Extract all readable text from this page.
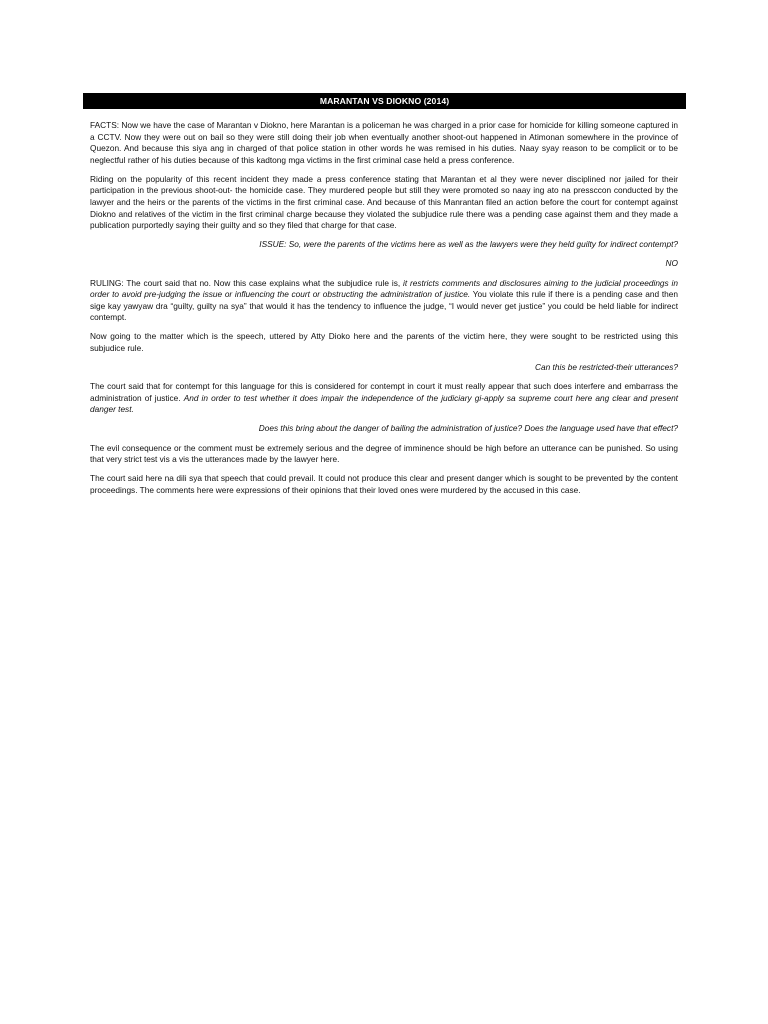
MARANTAN VS DIOKNO (2014)

FACTS: Now we have the case of Marantan v Diokno, here Marantan is a policeman he was charged in a prior case for homicide for killing someone captured in a CCTV. Now they were out on bail so they were still doing their job when eventually another shoot-out happened in Atimonan somewhere in the province of Quezon. And because this siya ang in charged of that police station in other words he was remised in his duties. Naay syay reason to be complicit or to be neglectful rather of his duties because of this kadtong mga victims in the first criminal case held a press conference.

Riding on the popularity of this recent incident they made a press conference stating that Marantan et al they were never disciplined nor jailed for their participation in the previous shoot-out- the homicide case. They murdered people but still they were promoted so naay ing ato na pressccon conducted by the lawyer and the heirs or the parents of the victims in the first criminal case. And because of this Manrantan filed an action before the court for contempt against Diokno and relatives of the victim in the first criminal charge because they violated the subjudice rule there was a pending case against them and they made a publication purportedly saying their guilty and so they filed that charge for that case.

ISSUE: So, were the parents of the victims here as well as the lawyers were they held guilty for indirect contempt?

NO

RULING: The court said that no. Now this case explains what the subjudice rule is, it restricts comments and disclosures aiming to the judicial proceedings in order to avoid pre-judging the issue or influencing the court or obstructing the administration of justice. You violate this rule if there is a pending case and then sige kay yawyaw dra “guilty, guilty na sya” that would it has the tendency to influence the judge, “I would never get justice” you could be held liable for indirect contempt.

Now going to the matter which is the speech, uttered by Atty Dioko here and the parents of the victim here, they were sought to be restricted using this subjudice rule.

Can this be restricted-their utterances?

The court said that for contempt for this language for this is considered for contempt in court it must really appear that such does interfere and embarrass the administration of justice. And in order to test whether it does impair the independence of the judiciary gi-apply sa supreme court here ang clear and present danger test.

Does this bring about the danger of bailing the administration of justice? Does the language used have that effect?

The evil consequence or the comment must be extremely serious and the degree of imminence should be high before an utterance can be punished. So using that very strict test vis a vis the utterances made by the lawyer here.

The court said here na dili sya that speech that could prevail. It could not produce this clear and present danger which is sought to be prevented by the content proceedings. The comments here were expressions of their opinions that their loved ones were murdered by the accused in this case.
